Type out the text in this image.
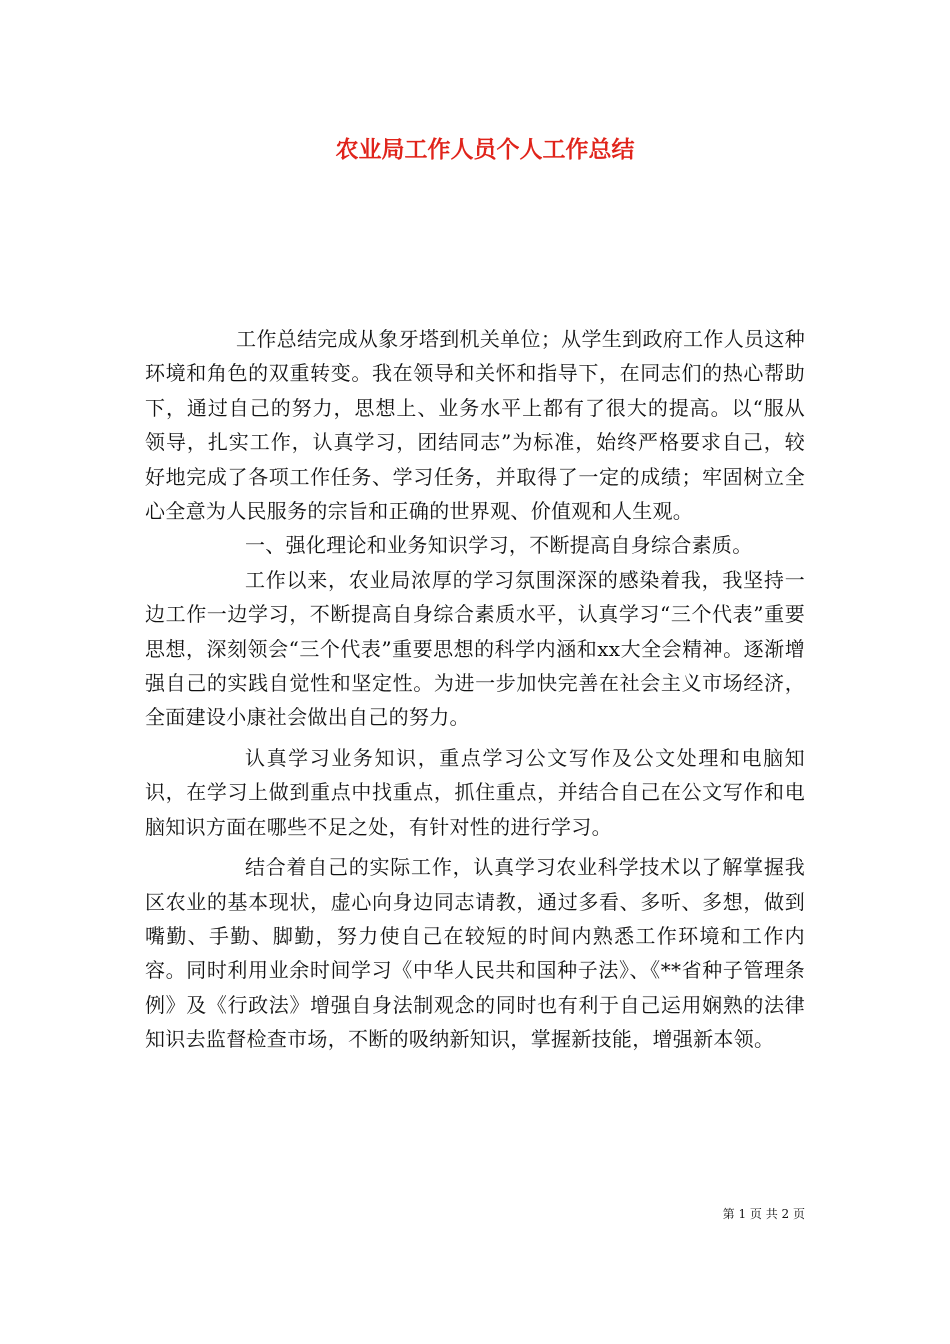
农业局工作人员个人工作总结

工作总结完成从象牙塔到机关单位；从学生到政府工作人员这种环境和角色的双重转变。我在领导和关怀和指导下，在同志们的热心帮助下，通过自己的努力，思想上、业务水平上都有了很大的提高。以“服从领导，扎实工作，认真学习，团结同志”为标准，始终严格要求自己，较好地完成了各项工作任务、学习任务，并取得了一定的成绩；牢固树立全心全意为人民服务的宗旨和正确的世界观、价值观和人生观。

一、强化理论和业务知识学习，不断提高自身综合素质。

工作以来，农业局浓厚的学习氛围深深的感染着我，我坚持一边工作一边学习，不断提高自身综合素质水平，认真学习“三个代表”重要思想，深刻领会“三个代表”重要思想的科学内涵和xx大全会精神。逐渐增强自己的实践自觉性和坚定性。为进一步加快完善在社会主义市场经济，全面建设小康社会做出自己的努力。

认真学习业务知识，重点学习公文写作及公文处理和电脑知识，在学习上做到重点中找重点，抓住重点，并结合自己在公文写作和电脑知识方面在哪些不足之处，有针对性的进行学习。

结合着自己的实际工作，认真学习农业科学技术以了解掌握我区农业的基本现状，虚心向身边同志请教，通过多看、多听、多想，做到嘴勤、手勤、脚勤，努力使自己在较短的时间内熟悉工作环境和工作内容。同时利用业余时间学习《中华人民共和国种子法》、《**省种子管理条例》及《行政法》增强自身法制观念的同时也有利于自己运用娴熟的法律知识去监督检查市场，不断的吸纳新知识，掌握新技能，增强新本领。

第 1 页 共 2 页
